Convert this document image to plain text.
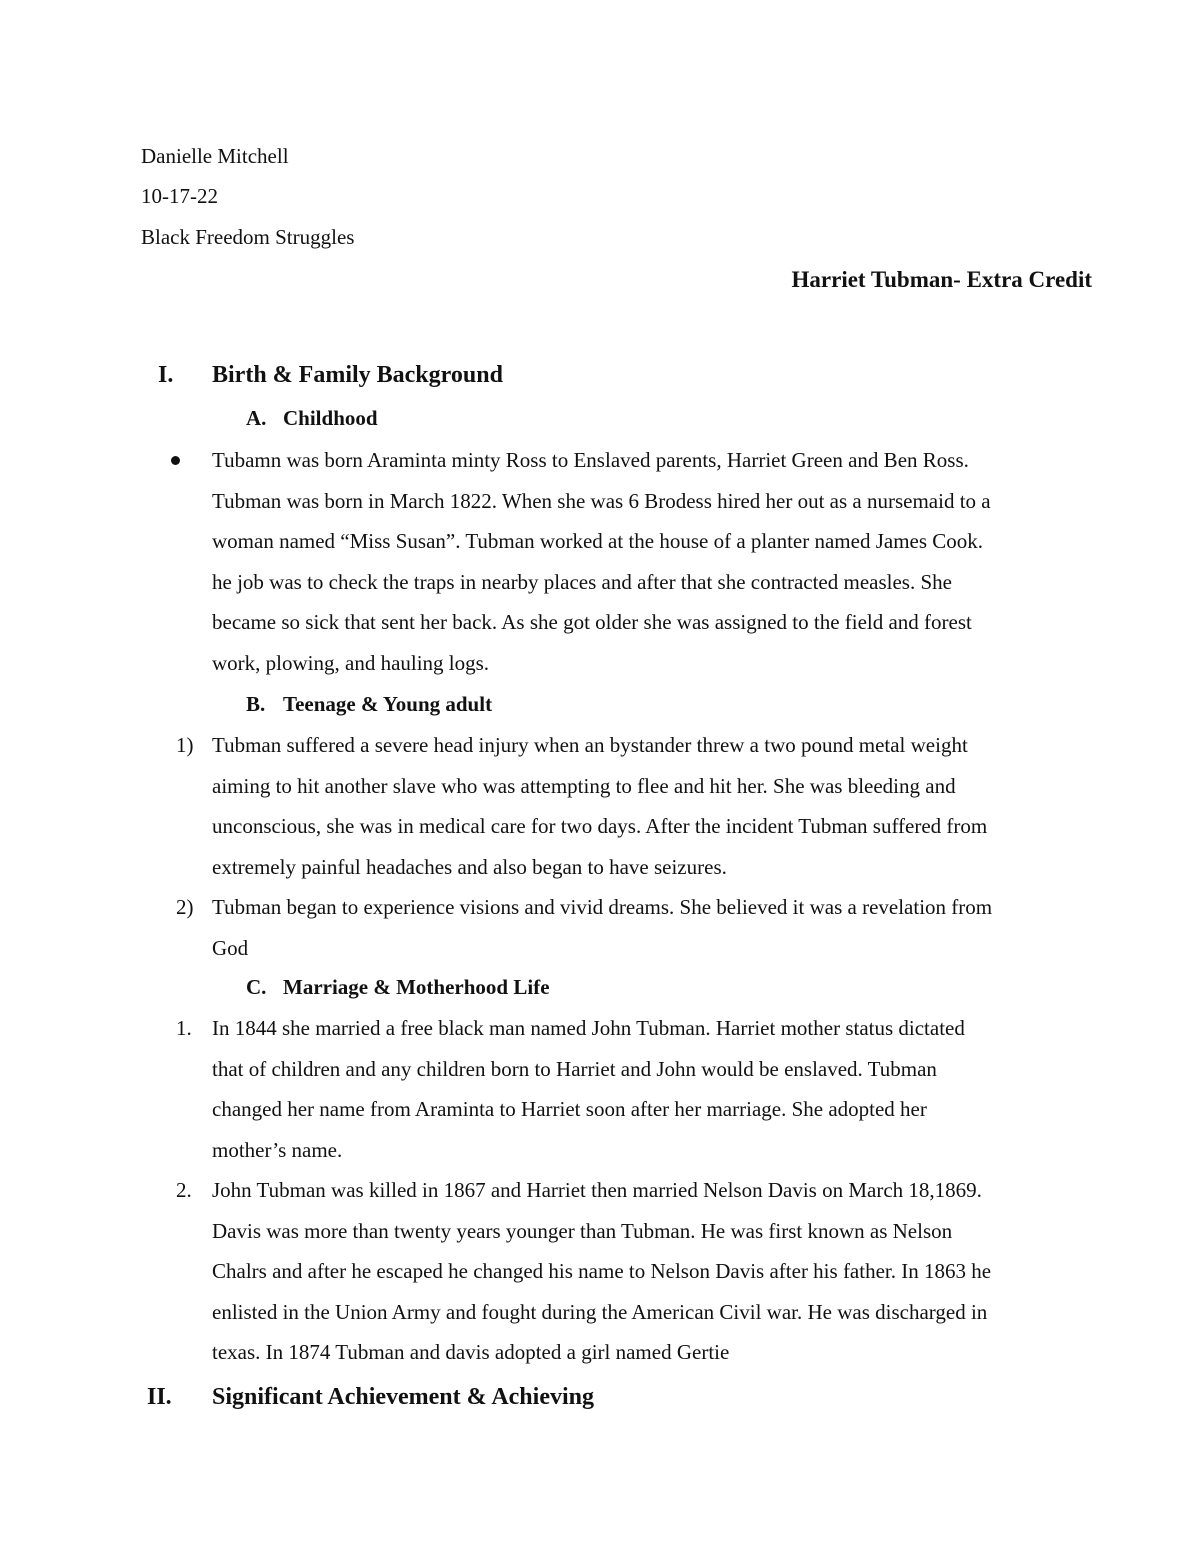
Danielle Mitchell
10-17-22
Black Freedom Struggles
Harriet Tubman- Extra Credit
I. Birth & Family Background
A. Childhood
Tubamn was born Araminta minty Ross to Enslaved parents, Harriet Green and Ben Ross.
Tubman was born in March 1822. When she was 6 Brodess hired her out as a nursemaid to a
woman named “Miss Susan”. Tubman worked at the house of a planter named James Cook.
he job was to check the traps in nearby places and after that she contracted measles. She
became so sick that sent her back. As she got older she was assigned to the field and forest
work, plowing, and hauling logs.
B. Teenage & Young adult
1) Tubman suffered a severe head injury when an bystander threw a two pound metal weight
aiming to hit another slave who was attempting to flee and hit her. She was bleeding and
unconscious, she was in medical care for two days. After the incident Tubman suffered from
extremely painful headaches and also began to have seizures.
2) Tubman began to experience visions and vivid dreams. She believed it was a revelation from
God
C. Marriage & Motherhood Life
1. In 1844 she married a free black man named John Tubman. Harriet mother status dictated
that of children and any children born to Harriet and John would be enslaved. Tubman
changed her name from Araminta to Harriet soon after her marriage. She adopted her
mother’s name.
2. John Tubman was killed in 1867 and Harriet then married Nelson Davis on March 18,1869.
Davis was more than twenty years younger than Tubman. He was first known as Nelson
Chalrs and after he escaped he changed his name to Nelson Davis after his father. In 1863 he
enlisted in the Union Army and fought during the American Civil war. He was discharged in
texas. In 1874 Tubman and davis adopted a girl named Gertie
II. Significant Achievement & Achieving
